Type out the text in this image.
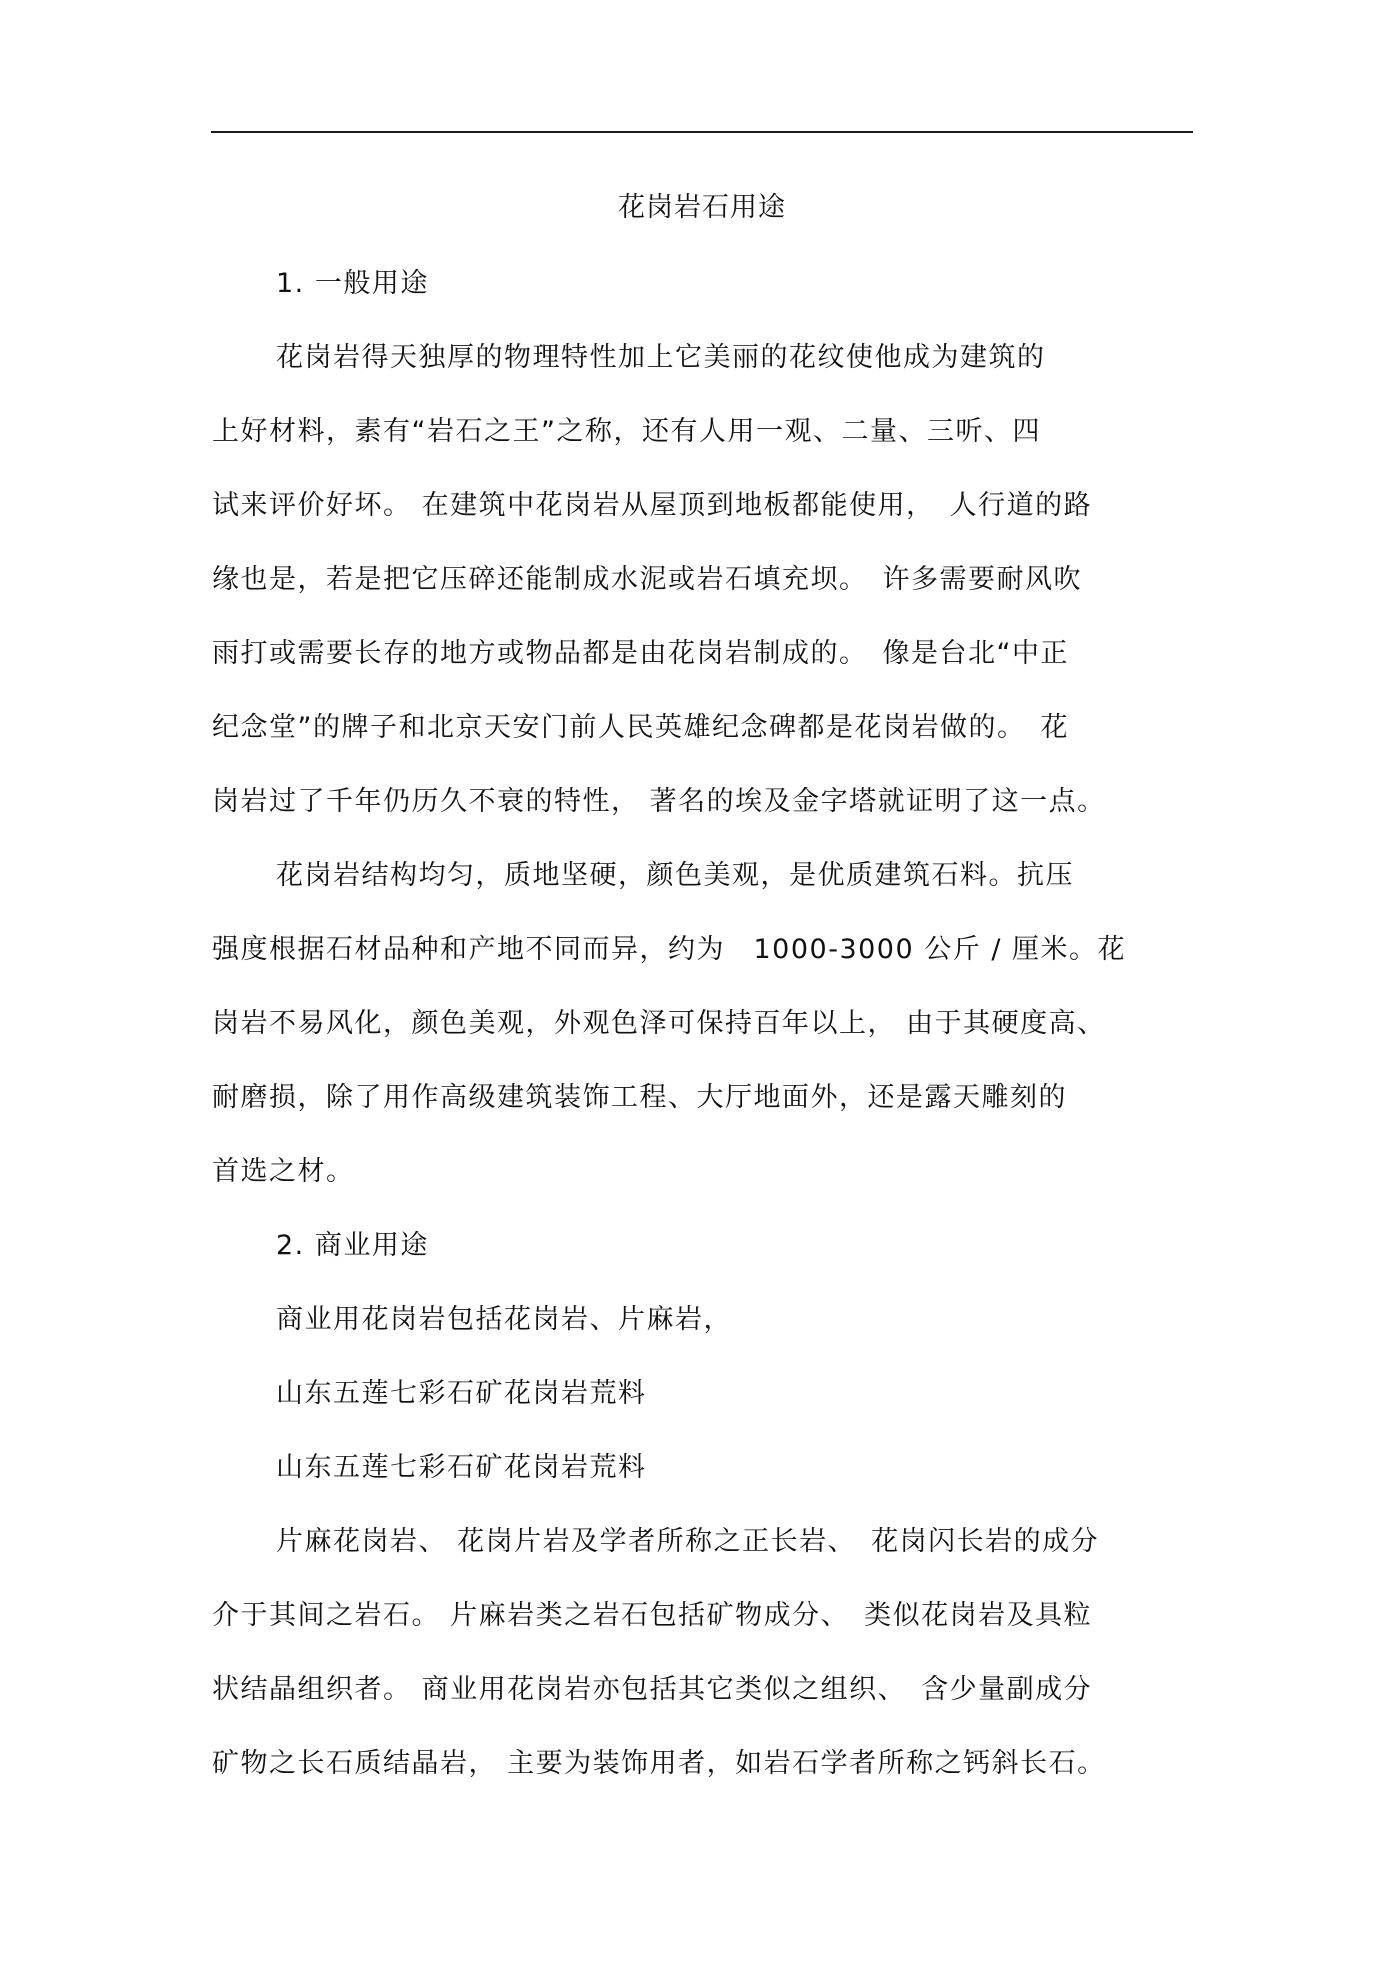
花岗岩石用途
1. 一般用途
花岗岩得天独厚的物理特性加上它美丽的花纹使他成为建筑的
上好材料，素有“岩石之王”之称，还有人用一观、二量、三听、四
试来评价好坏。 在建筑中花岗岩从屋顶到地板都能使用，　人行道的路
缘也是，若是把它压碎还能制成水泥或岩石填充坝。　许多需要耐风吹
雨打或需要长存的地方或物品都是由花岗岩制成的。　像是台北“中正
纪念堂”的牌子和北京天安门前人民英雄纪念碑都是花岗岩做的。　花
岗岩过了千年仍历久不衰的特性， 著名的埃及金字塔就证明了这一点。
花岗岩结构均匀，质地坚硬，颜色美观，是优质建筑石料。抗压
强度根据石材品种和产地不同而异，约为　1000-3000 公斤 / 厘米。花
岗岩不易风化，颜色美观，外观色泽可保持百年以上， 由于其硬度高、
耐磨损，除了用作高级建筑装饰工程、大厅地面外，还是露天雕刻的
首选之材。
2. 商业用途
商业用花岗岩包括花岗岩、片麻岩，
山东五莲七彩石矿花岗岩荒料
山东五莲七彩石矿花岗岩荒料
片麻花岗岩、 花岗片岩及学者所称之正长岩、　花岗闪长岩的成分
介于其间之岩石。 片麻岩类之岩石包括矿物成分、　类似花岗岩及具粒
状结晶组织者。 商业用花岗岩亦包括其它类似之组织、　含少量副成分
矿物之长石质结晶岩， 主要为装饰用者，如岩石学者所称之钙斜长石。
